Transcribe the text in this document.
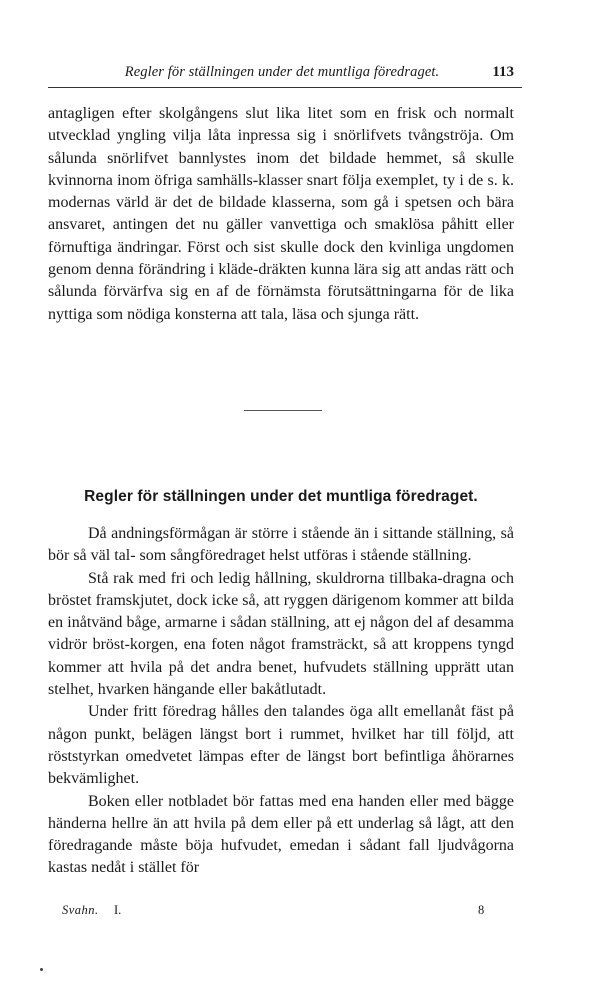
Regler för ställningen under det muntliga föredraget.	113

antagligen efter skolgångens slut lika litet som en frisk och normalt utvecklad yngling vilja låta inpressa sig i snörlifvets tvångströja. Om sålunda snörlifvet bannlystes inom det bildade hemmet, så skulle kvinnorna inom öfriga samhälls-klasser snart följa exemplet, ty i de s. k. modernas värld är det de bildade klasserna, som gå i spetsen och bära ansvaret, antingen det nu gäller vanvettiga och smaklösa påhitt eller förnuftiga ändringar. Först och sist skulle dock den kvinliga ungdomen genom denna förändring i kläde-dräkten kunna lära sig att andas rätt och sålunda förvärfva sig en af de förnämsta förutsättningarna för de lika nyttiga som nödiga konsterna att tala, läsa och sjunga rätt.

Regler för ställningen under det muntliga föredraget.

Då andningsförmågan är större i stående än i sittande ställning, så bör så väl tal- som sångföredraget helst utföras i stående ställning.

Stå rak med fri och ledig hållning, skuldrorna tillbaka-dragna och bröstet framskjutet, dock icke så, att ryggen därigenom kommer att bilda en inåtvänd båge, armarne i sådan ställning, att ej någon del af desamma vidrör bröst-korgen, ena foten något framsträckt, så att kroppens tyngd kommer att hvila på det andra benet, hufvudets ställning upprätt utan stelhet, hvarken hängande eller bakåtlutadt.

Under fritt föredrag hålles den talandes öga allt emellanåt fäst på någon punkt, belägen längst bort i rummet, hvilket har till följd, att röststyrkan omedvetet lämpas efter de längst bort befintliga åhörarnes bekvämlighet.

Boken eller notbladet bör fattas med ena handen eller med bägge händerna hellre än att hvila på dem eller på ett underlag så lågt, att den föredragande måste böja hufvudet, emedan i sådant fall ljudvågorna kastas nedåt i stället för

Svahn. I.	8
